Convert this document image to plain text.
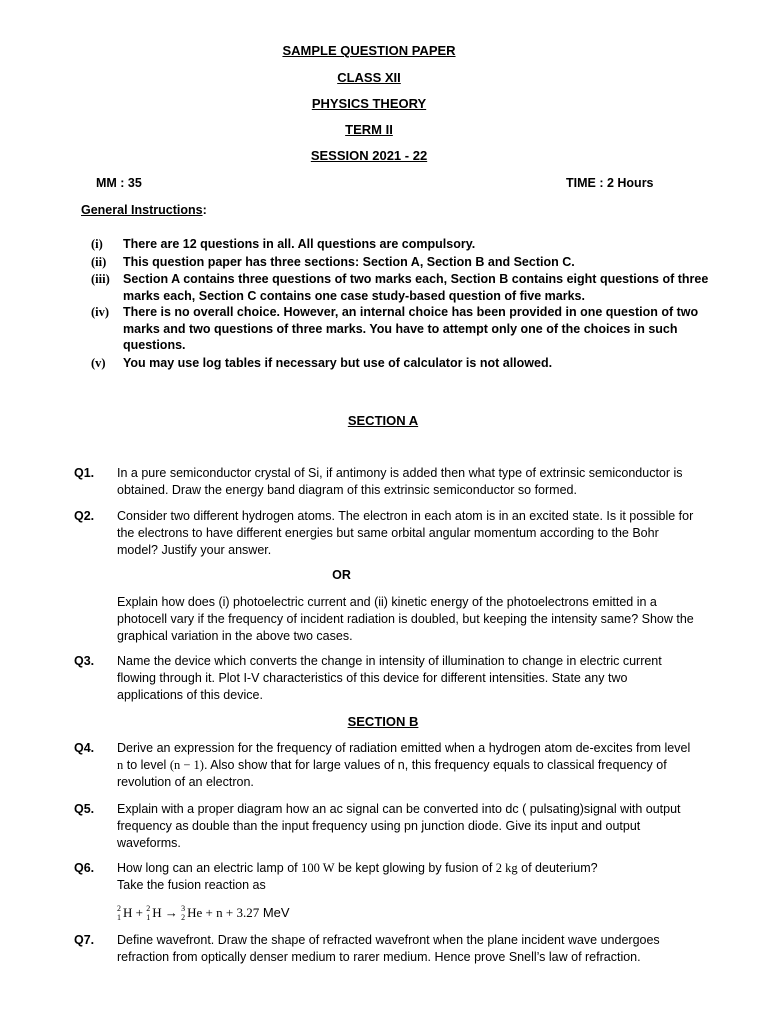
SAMPLE QUESTION PAPER
CLASS XII
PHYSICS THEORY
TERM II
SESSION 2021 - 22
MM : 35	TIME : 2 Hours
General Instructions:
(i) There are 12 questions in all. All questions are compulsory.
(ii) This question paper has three sections: Section A, Section B and Section C.
(iii) Section A contains three questions of two marks each, Section B contains eight questions of three marks each, Section C contains one case study-based question of five marks.
(iv) There is no overall choice. However, an internal choice has been provided in one question of two marks and two questions of three marks. You have to attempt only one of the choices in such questions.
(v) You may use log tables if necessary but use of calculator is not allowed.
SECTION A
Q1. In a pure semiconductor crystal of Si, if antimony is added then what type of extrinsic semiconductor is obtained. Draw the energy band diagram of this extrinsic semiconductor so formed.
Q2. Consider two different hydrogen atoms. The electron in each atom is in an excited state. Is it possible for the electrons to have different energies but same orbital angular momentum according to the Bohr model? Justify your answer.
OR
Explain how does (i) photoelectric current and (ii) kinetic energy of the photoelectrons emitted in a photocell vary if the frequency of incident radiation is doubled, but keeping the intensity same? Show the graphical variation in the above two cases.
Q3. Name the device which converts the change in intensity of illumination to change in electric current flowing through it. Plot I-V characteristics of this device for different intensities. State any two applications of this device.
SECTION B
Q4. Derive an expression for the frequency of radiation emitted when a hydrogen atom de-excites from level n to level (n − 1). Also show that for large values of n, this frequency equals to classical frequency of revolution of an electron.
Q5. Explain with a proper diagram how an ac signal can be converted into dc ( pulsating)signal with output frequency as double than the input frequency using pn junction diode. Give its input and output waveforms.
Q6. How long can an electric lamp of 100 W be kept glowing by fusion of 2 kg of deuterium?
Take the fusion reaction as
2
1 H + 2
1 H → 3
2 He + n + 3.27 MeV
Q7. Define wavefront. Draw the shape of refracted wavefront when the plane incident wave undergoes refraction from optically denser medium to rarer medium. Hence prove Snell’s law of refraction.
